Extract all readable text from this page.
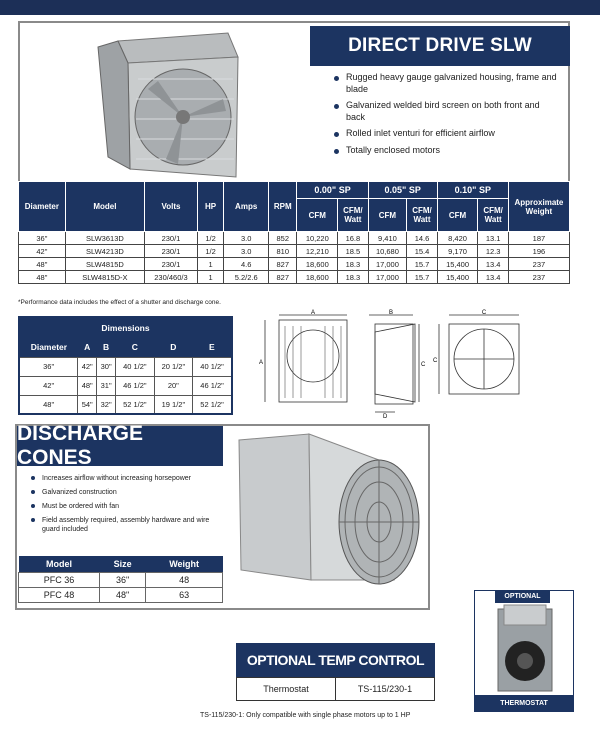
DIRECT DRIVE SLW
Rugged heavy gauge galvanized housing, frame and blade
Galvanized welded bird screen on both front and back
Rolled inlet venturi for efficient airflow
Totally enclosed motors
Diameter	Model	Volts	HP	Amps	RPM	0.00" SP		0.05" SP		0.10" SP		Approximate Weight
						CFM	CFM/ Watt	CFM	CFM/ Watt	CFM	CFM/ Watt	
36"	SLW3613D	230/1	1/2	3.0	852	10,220	16.8	9,410	14.6	8,420	13.1	187
42"	SLW4213D	230/1	1/2	3.0	810	12,210	18.5	10,680	15.4	9,170	12.3	196
48"	SLW4815D	230/1	1	4.6	827	18,600	18.3	17,000	15.7	15,400	13.4	237
48"	SLW4815D-X	230/460/3	1	5.2/2.6	827	18,600	18.3	17,000	15.7	15,400	13.4	237
*Performance data includes the effect of a shutter and discharge cone.
Dimensions					
Diameter	A	B	C	D	E
36"	42"	30"	40 1/2"	20 1/2"	40 1/2"
42"	48"	31"	46 1/2"	20"	46 1/2"
48"	54"	32"	52 1/2"	19 1/2"	52 1/2"
A
A
B
C
D
C
C
DISCHARGE CONES
Increases airflow without increasing horsepower
Galvanized construction
Must be ordered with fan
Field assembly required, assembly hardware and wire guard included
Model	Size	Weight
PFC 36	36"	48
PFC 48	48"	63
OPTIONAL TEMP CONTROL
Thermostat	TS-115/230-1
TS-115/230-1: Only compatible with single phase motors up to 1 HP
OPTIONAL
THERMOSTAT
